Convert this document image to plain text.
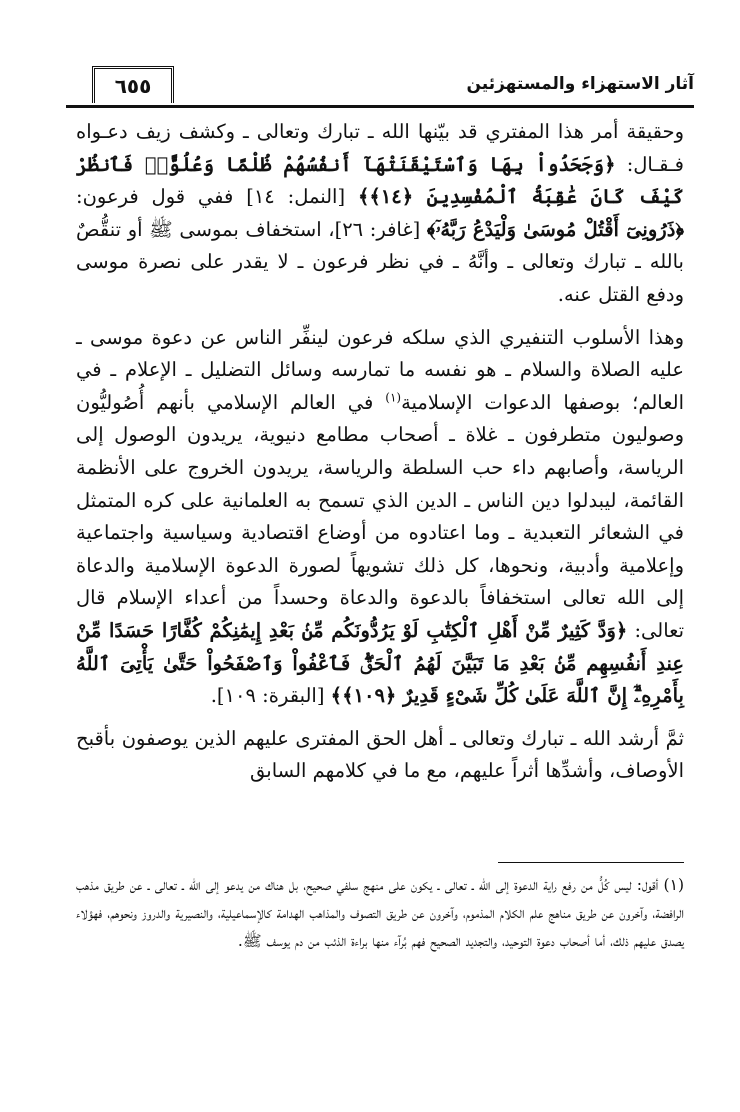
٦٥٥	آثار الاستهزاء والمستهزئين

وحقيقة أمر هذا المفتري قد بيّنها الله ـ تبارك وتعالى ـ وكشف زيف دعـواه فـقـال: ﴿وَجَحَدُواْ بِهَا وَٱسْتَيْقَنَتْهَآ أَنفُسُهُمْ ظُلْمًا وَعُلُوًّاۚ فَٱنظُرْ كَيْفَ كَانَ عَٰقِبَةُ ٱلْمُفْسِدِينَ ﴿١٤﴾﴾ [النمل: ١٤] ففي قول فرعون: ﴿ذَرُونِىٓ أَقْتُلْ مُوسَىٰ وَلْيَدْعُ رَبَّهُۥٓ﴾ [غافر: ٢٦]، استخفاف بموسى ﷺ أو تنقُّصٌ بالله ـ تبارك وتعالى ـ وأنَّهُ ـ في نظر فرعون ـ لا يقدر على نصرة موسى ودفع القتل عنه.

وهذا الأسلوب التنفيري الذي سلكه فرعون لينفِّر الناس عن دعوة موسى ـ عليه الصلاة والسلام ـ هو نفسه ما تمارسه وسائل التضليل ـ الإعلام ـ في العالم؛ بوصفها الدعوات الإسلامية$^{(١)}$ في العالم الإسلامي بأنهم أُصُوليُّون وصوليون متطرفون ـ غلاة ـ أصحاب مطامع دنيوية، يريدون الوصول إلى الرياسة، وأصابهم داء حب السلطة والرياسة، يريدون الخروج على الأنظمة القائمة، ليبدلوا دين الناس ـ الدين الذي تسمح به العلمانية على كره المتمثل في الشعائر التعبدية ـ وما اعتادوه من أوضاع اقتصادية وسياسية واجتماعية وإعلامية وأدبية، ونحوها، كل ذلك تشويهاً لصورة الدعوة الإسلامية والدعاة إلى الله تعالى استخفافاً بالدعوة والدعاة وحسداً من أعداء الإسلام قال تعالى: ﴿وَدَّ كَثِيرٌ مِّنْ أَهْلِ ٱلْكِتَٰبِ لَوْ يَرُدُّونَكُم مِّنۢ بَعْدِ إِيمَٰنِكُمْ كُفَّارًا حَسَدًا مِّنْ عِندِ أَنفُسِهِم مِّنۢ بَعْدِ مَا تَبَيَّنَ لَهُمُ ٱلْحَقُّۖ فَٱعْفُواْ وَٱصْفَحُواْ حَتَّىٰ يَأْتِىَ ٱللَّهُ بِأَمْرِهِۦٓۗ إِنَّ ٱللَّهَ عَلَىٰ كُلِّ شَىْءٍ قَدِيرٌ ﴿١٠٩﴾﴾ [البقرة: ١٠٩].

ثمَّ أرشد الله ـ تبارك وتعالى ـ أهل الحق المفترى عليهم الذين يوصفون بأقبح الأوصاف، وأشدِّها أثراً عليهم، مع ما في كلامهم السابق

(١) أقول: ليس كُلُّ من رفع راية الدعوة إلى الله ـ تعالى ـ يكون على منهج سلفي صحيح، بل هناك من يدعو إلى الله ـ تعالى ـ عن طريق مذهب الرافضة، وآخرون عن طريق مناهج علم الكلام المذموم، وآخرون عن طريق التصوف والمذاهب الهدامة كالإسماعيلية، والنصيرية والدروز ونحوهم، فهؤلاء يصدق عليهم ذلك، أما أصحاب دعوة التوحيد، والتجديد الصحيح فهم بُرآء منها براءة الذئب من دم يوسف ﷺ.
